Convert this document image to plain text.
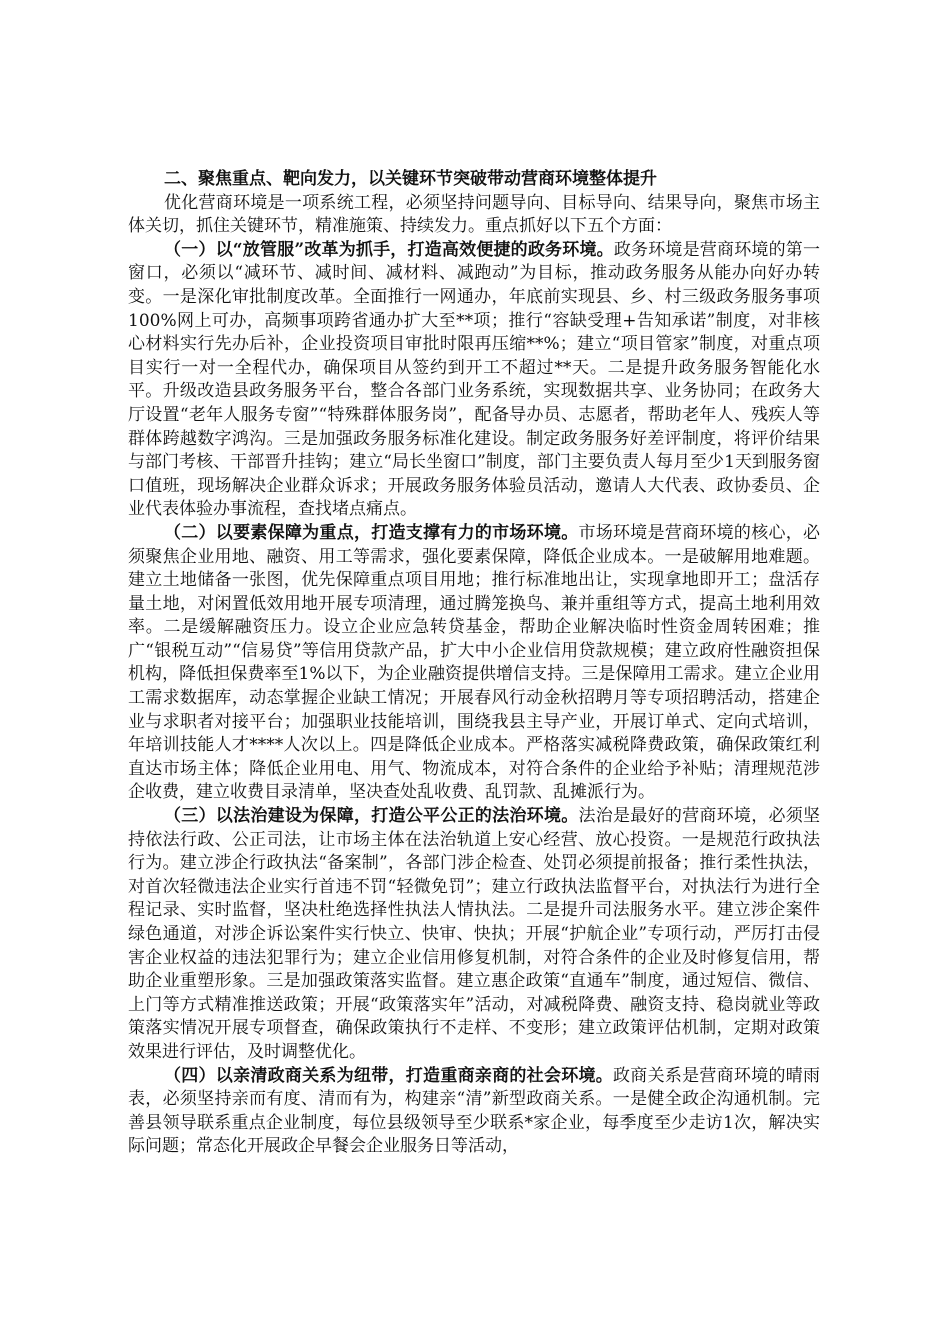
二、聚焦重点、靶向发力，以关键环节突破带动营商环境整体提升

优化营商环境是一项系统工程，必须坚持问题导向、目标导向、结果导向，聚焦市场主体关切，抓住关键环节，精准施策、持续发力。重点抓好以下五个方面：

（一）以“放管服”改革为抓手，打造高效便捷的政务环境。政务环境是营商环境的第一窗口，必须以“减环节、减时间、减材料、减跑动”为目标，推动政务服务从能办向好办转变。一是深化审批制度改革。全面推行一网通办，年底前实现县、乡、村三级政务服务事项100%网上可办，高频事项跨省通办扩大至**项；推行“容缺受理+告知承诺”制度，对非核心材料实行先办后补，企业投资项目审批时限再压缩**%；建立“项目管家”制度，对重点项目实行一对一全程代办，确保项目从签约到开工不超过**天。二是提升政务服务智能化水平。升级改造县政务服务平台，整合各部门业务系统，实现数据共享、业务协同；在政务大厅设置“老年人服务专窗”“特殊群体服务岗”，配备导办员、志愿者，帮助老年人、残疾人等群体跨越数字鸿沟。三是加强政务服务标准化建设。制定政务服务好差评制度，将评价结果与部门考核、干部晋升挂钩；建立“局长坐窗口”制度，部门主要负责人每月至少1天到服务窗口值班，现场解决企业群众诉求；开展政务服务体验员活动，邀请人大代表、政协委员、企业代表体验办事流程，查找堵点痛点。

（二）以要素保障为重点，打造支撑有力的市场环境。市场环境是营商环境的核心，必须聚焦企业用地、融资、用工等需求，强化要素保障，降低企业成本。一是破解用地难题。建立土地储备一张图，优先保障重点项目用地；推行标准地出让，实现拿地即开工；盘活存量土地，对闲置低效用地开展专项清理，通过腾笼换鸟、兼并重组等方式，提高土地利用效率。二是缓解融资压力。设立企业应急转贷基金，帮助企业解决临时性资金周转困难；推广“银税互动”“信易贷”等信用贷款产品，扩大中小企业信用贷款规模；建立政府性融资担保机构，降低担保费率至1%以下，为企业融资提供增信支持。三是保障用工需求。建立企业用工需求数据库，动态掌握企业缺工情况；开展春风行动金秋招聘月等专项招聘活动，搭建企业与求职者对接平台；加强职业技能培训，围绕我县主导产业，开展订单式、定向式培训，年培训技能人才****人次以上。四是降低企业成本。严格落实减税降费政策，确保政策红利直达市场主体；降低企业用电、用气、物流成本，对符合条件的企业给予补贴；清理规范涉企收费，建立收费目录清单，坚决查处乱收费、乱罚款、乱摊派行为。

（三）以法治建设为保障，打造公平公正的法治环境。法治是最好的营商环境，必须坚持依法行政、公正司法，让市场主体在法治轨道上安心经营、放心投资。一是规范行政执法行为。建立涉企行政执法“备案制”，各部门涉企检查、处罚必须提前报备；推行柔性执法，对首次轻微违法企业实行首违不罚“轻微免罚”；建立行政执法监督平台，对执法行为进行全程记录、实时监督，坚决杜绝选择性执法人情执法。二是提升司法服务水平。建立涉企案件绿色通道，对涉企诉讼案件实行快立、快审、快执；开展“护航企业”专项行动，严厉打击侵害企业权益的违法犯罪行为；建立企业信用修复机制，对符合条件的企业及时修复信用，帮助企业重塑形象。三是加强政策落实监督。建立惠企政策“直通车”制度，通过短信、微信、上门等方式精准推送政策；开展“政策落实年”活动，对减税降费、融资支持、稳岗就业等政策落实情况开展专项督查，确保政策执行不走样、不变形；建立政策评估机制，定期对政策效果进行评估，及时调整优化。

（四）以亲清政商关系为纽带，打造重商亲商的社会环境。政商关系是营商环境的晴雨表，必须坚持亲而有度、清而有为，构建亲“清”新型政商关系。一是健全政企沟通机制。完善县领导联系重点企业制度，每位县级领导至少联系*家企业，每季度至少走访1次，解决实际问题；常态化开展政企早餐会企业服务日等活动，
